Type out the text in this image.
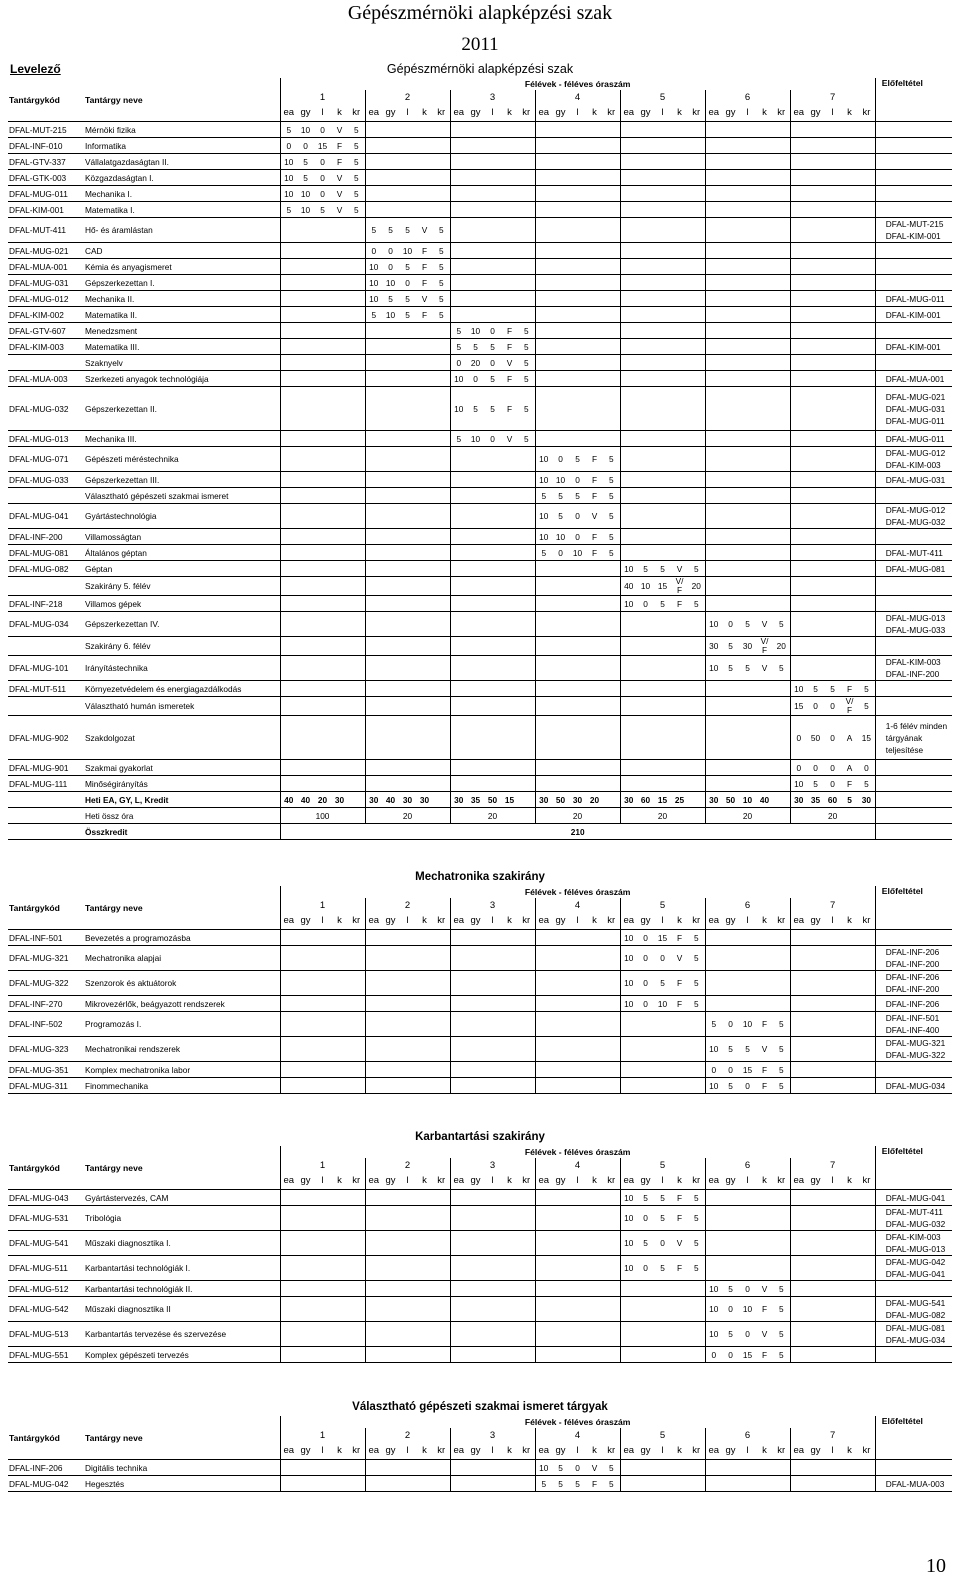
Gépészmérnöki alapképzési szak
2011
Levelező	Gépészmérnöki alapképzési szak
Tantárgykód	Tantárgy neve	Félévek - féléves óraszám																																			Előfeltétel
		1					2					3					4					5					6					7					
		ea	gy	l	k	kr	ea	gy	l	k	kr	ea	gy	l	k	kr	ea	gy	l	k	kr	ea	gy	l	k	kr	ea	gy	l	k	kr	ea	gy	l	k	kr	
DFAL-MUT-215	Mérnöki fizika	5	10	0	V	5																															
DFAL-INF-010	Informatika	0	0	15	F	5																															
DFAL-GTV-337	Vállalatgazdaságtan II.	10	5	0	F	5																															
DFAL-GTK-003	Közgazdaságtan I.	10	5	0	V	5																															
DFAL-MUG-011	Mechanika I.	10	10	0	V	5																															
DFAL-KIM-001	Matematika I.	5	10	5	V	5																															
DFAL-MUT-411	Hő- és áramlástan						5	5	5	V	5																										DFAL-MUT-215
DFAL-KIM-001

DFAL-MUG-021	CAD						0	0	10	F	5																										
DFAL-MUA-001	Kémia és anyagismeret						10	0	5	F	5																										
DFAL-MUG-031	Gépszerkezettan I.						10	10	0	F	5																										
DFAL-MUG-012	Mechanika II.						10	5	5	V	5																										DFAL-MUG-011

DFAL-KIM-002	Matematika II.						5	10	5	F	5																										DFAL-KIM-001

DFAL-GTV-607	Menedzsment											5	10	0	F	5																					
DFAL-KIM-003	Matematika III.											5	5	5	F	5																					DFAL-KIM-001

	Szaknyelv											0	20	0	V	5																					
DFAL-MUA-003	Szerkezeti anyagok technológiája											10	0	5	F	5																					DFAL-MUA-001

DFAL-MUG-032	Gépszerkezettan II.											10	5	5	F	5																					DFAL-MUG-021
DFAL-MUG-031
DFAL-MUG-011

DFAL-MUG-013	Mechanika III.											5	10	0	V	5																					DFAL-MUG-011

DFAL-MUG-071	Gépészeti méréstechnika																10	0	5	F	5																DFAL-MUG-012
DFAL-KIM-003

DFAL-MUG-033	Gépszerkezettan III.																10	10	0	F	5																DFAL-MUG-031

	Választható gépészeti szakmai ismeret																5	5	5	F	5																
DFAL-MUG-041	Gyártástechnológia																10	5	0	V	5																DFAL-MUG-012
DFAL-MUG-032

DFAL-INF-200	Villamosságtan																10	10	0	F	5																
DFAL-MUG-081	Általános géptan																5	0	10	F	5																DFAL-MUT-411

DFAL-MUG-082	Géptan																					10	5	5	V	5											DFAL-MUG-081

	Szakirány 5. félév																					40	10	15	V/ F	20											
DFAL-INF-218	Villamos gépek																					10	0	5	F	5											
DFAL-MUG-034	Gépszerkezettan IV.																										10	0	5	V	5						DFAL-MUG-013
DFAL-MUG-033

	Szakirány 6. félév																										30	5	30	V/ F	20						
DFAL-MUG-101	Irányítástechnika																										10	5	5	V	5						DFAL-KIM-003
DFAL-INF-200

DFAL-MUT-511	Környezetvédelem és energiagazdálkodás																															10	5	5	F	5	
	Választható humán ismeretek																															15	0	0	V/ F	5	
DFAL-MUG-902	Szakdolgozat																															0	50	0	A	15	1-6 félév minden tárgyának teljesítése

DFAL-MUG-901	Szakmai gyakorlat																															0	0	0	A	0	
DFAL-MUG-111	Minőségirányítás																															10	5	0	F	5	
	Heti EA, GY, L, Kredit	40	40	20	30		30	40	30	30		30	35	50	15		30	50	30	20		30	60	15	25		30	50	10	40		30	35	60	5	30	
	Heti össz óra	100					20					20					20					20					20					20					
	Összkredit	210																																			
Mechatronika szakirány
Tantárgykód	Tantárgy neve	Félévek - féléves óraszám																																			Előfeltétel
		1					2					3					4					5					6					7					
		ea	gy	l	k	kr	ea	gy	l	k	kr	ea	gy	l	k	kr	ea	gy	l	k	kr	ea	gy	l	k	kr	ea	gy	l	k	kr	ea	gy	l	k	kr	
DFAL-INF-501	Bevezetés a programozásba																					10	0	15	F	5											
DFAL-MUG-321	Mechatronika alapjai																					10	0	0	V	5											DFAL-INF-206
DFAL-INF-200

DFAL-MUG-322	Szenzorok és aktuátorok																					10	0	5	F	5											DFAL-INF-206
DFAL-INF-200

DFAL-INF-270	Mikrovezérlők, beágyazott rendszerek																					10	0	10	F	5											DFAL-INF-206

DFAL-INF-502	Programozás I.																										5	0	10	F	5						DFAL-INF-501
DFAL-INF-400

DFAL-MUG-323	Mechatronikai rendszerek																										10	5	5	V	5						DFAL-MUG-321
DFAL-MUG-322

DFAL-MUG-351	Komplex mechatronika labor																										0	0	15	F	5						
DFAL-MUG-311	Finommechanika																										10	5	0	F	5						DFAL-MUG-034
Karbantartási szakirány
Tantárgykód	Tantárgy neve	Félévek - féléves óraszám																																			Előfeltétel
		1					2					3					4					5					6					7					
		ea	gy	l	k	kr	ea	gy	l	k	kr	ea	gy	l	k	kr	ea	gy	l	k	kr	ea	gy	l	k	kr	ea	gy	l	k	kr	ea	gy	l	k	kr	
DFAL-MUG-043	Gyártástervezés, CAM																					10	5	5	F	5											DFAL-MUG-041

DFAL-MUG-531	Tribológia																					10	0	5	F	5											DFAL-MUT-411
DFAL-MUG-032

DFAL-MUG-541	Műszaki diagnosztika I.																					10	5	0	V	5											DFAL-KIM-003
DFAL-MUG-013

DFAL-MUG-511	Karbantartási technológiák I.																					10	0	5	F	5											DFAL-MUG-042
DFAL-MUG-041

DFAL-MUG-512	Karbantartási technológiák II.																										10	5	0	V	5						
DFAL-MUG-542	Műszaki diagnosztika II																										10	0	10	F	5						DFAL-MUG-541
DFAL-MUG-082

DFAL-MUG-513	Karbantartás tervezése és szervezése																										10	5	0	V	5						DFAL-MUG-081
DFAL-MUG-034

DFAL-MUG-551	Komplex gépészeti tervezés																										0	0	15	F	5						
Választható gépészeti szakmai ismeret tárgyak
Tantárgykód	Tantárgy neve	Félévek - féléves óraszám																																			Előfeltétel
		1					2					3					4					5					6					7					
		ea	gy	l	k	kr	ea	gy	l	k	kr	ea	gy	l	k	kr	ea	gy	l	k	kr	ea	gy	l	k	kr	ea	gy	l	k	kr	ea	gy	l	k	kr	
DFAL-INF-206	Digitális technika																10	5	0	V	5																
DFAL-MUG-042	Hegesztés																5	5	5	F	5																DFAL-MUA-003
10
